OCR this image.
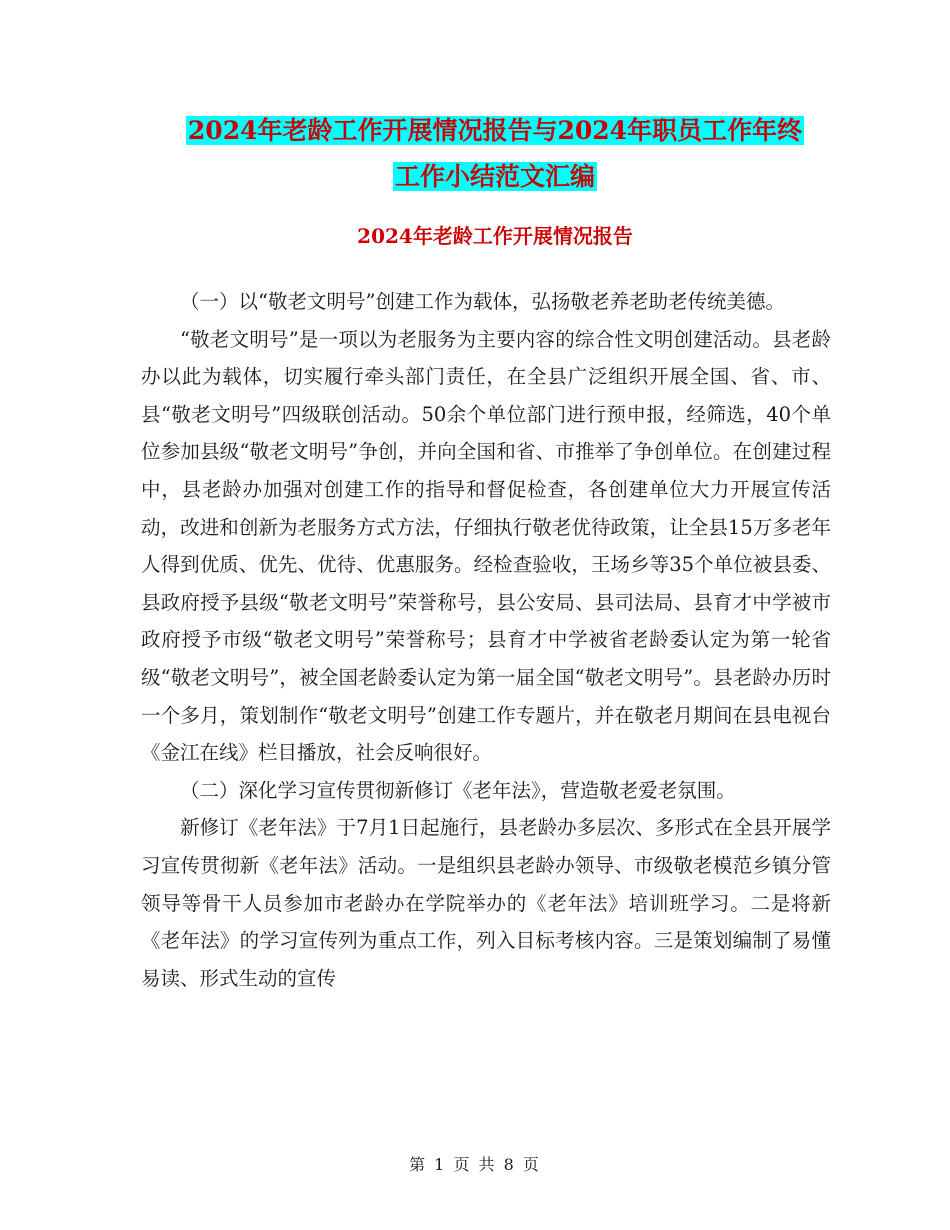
2024年老龄工作开展情况报告与2024年职员工作年终
工作小结范文汇编
2024年老龄工作开展情况报告

（一）以“敬老文明号”创建工作为载体，弘扬敬老养老助老传统美德。

“敬老文明号”是一项以为老服务为主要内容的综合性文明创建活动。县老龄办以此为载体，切实履行牵头部门责任，在全县广泛组织开展全国、省、市、县“敬老文明号”四级联创活动。50余个单位部门进行预申报，经筛选，40个单位参加县级“敬老文明号”争创，并向全国和省、市推举了争创单位。在创建过程中，县老龄办加强对创建工作的指导和督促检查，各创建单位大力开展宣传活动，改进和创新为老服务方式方法，仔细执行敬老优待政策，让全县15万多老年人得到优质、优先、优待、优惠服务。经检查验收，王场乡等35个单位被县委、县政府授予县级“敬老文明号”荣誉称号，县公安局、县司法局、县育才中学被市政府授予市级“敬老文明号”荣誉称号；县育才中学被省老龄委认定为第一轮省级“敬老文明号”，被全国老龄委认定为第一届全国“敬老文明号”。县老龄办历时一个多月，策划制作“敬老文明号”创建工作专题片，并在敬老月期间在县电视台《金江在线》栏目播放，社会反响很好。

（二）深化学习宣传贯彻新修订《老年法》，营造敬老爱老氛围。

新修订《老年法》于7月1日起施行，县老龄办多层次、多形式在全县开展学习宣传贯彻新《老年法》活动。一是组织县老龄办领导、市级敬老模范乡镇分管领导等骨干人员参加市老龄办在学院举办的《老年法》培训班学习。二是将新《老年法》的学习宣传列为重点工作，列入目标考核内容。三是策划编制了易懂易读、形式生动的宣传

第 1 页 共 8 页
